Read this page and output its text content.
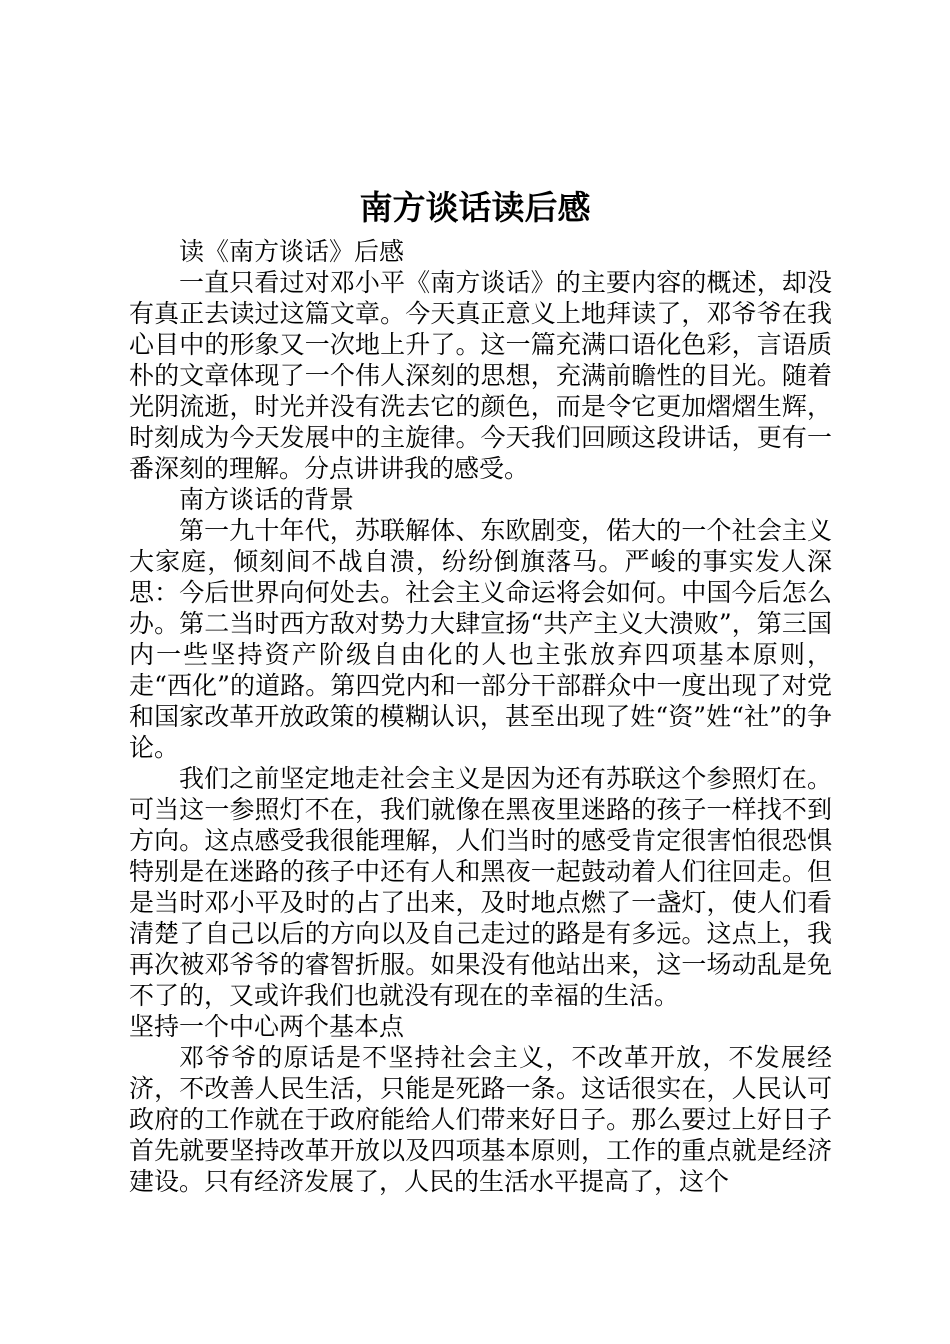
南方谈话读后感

读《南方谈话》后感

一直只看过对邓小平《南方谈话》的主要内容的概述，却没有真正去读过这篇文章。今天真正意义上地拜读了，邓爷爷在我心目中的形象又一次地上升了。这一篇充满口语化色彩，言语质朴的文章体现了一个伟人深刻的思想，充满前瞻性的目光。随着光阴流逝，时光并没有洗去它的颜色，而是令它更加熠熠生辉，时刻成为今天发展中的主旋律。今天我们回顾这段讲话，更有一番深刻的理解。分点讲讲我的感受。

南方谈话的背景

第一九十年代，苏联解体、东欧剧变，偌大的一个社会主义大家庭，倾刻间不战自溃，纷纷倒旗落马。严峻的事实发人深思：今后世界向何处去。社会主义命运将会如何。中国今后怎么办。第二当时西方敌对势力大肆宣扬“共产主义大溃败”，第三国内一些坚持资产阶级自由化的人也主张放弃四项基本原则，走“西化”的道路。第四党内和一部分干部群众中一度出现了对党和国家改革开放政策的模糊认识，甚至出现了姓“资”姓“社”的争论。

我们之前坚定地走社会主义是因为还有苏联这个参照灯在。可当这一参照灯不在，我们就像在黑夜里迷路的孩子一样找不到方向。这点感受我很能理解，人们当时的感受肯定很害怕很恐惧特别是在迷路的孩子中还有人和黑夜一起鼓动着人们往回走。但是当时邓小平及时的占了出来，及时地点燃了一盏灯，使人们看清楚了自己以后的方向以及自己走过的路是有多远。这点上，我再次被邓爷爷的睿智折服。如果没有他站出来，这一场动乱是免不了的，又或许我们也就没有现在的幸福的生活。

坚持一个中心两个基本点

邓爷爷的原话是不坚持社会主义，不改革开放，不发展经济，不改善人民生活，只能是死路一条。这话很实在，人民认可政府的工作就在于政府能给人们带来好日子。那么要过上好日子首先就要坚持改革开放以及四项基本原则，工作的重点就是经济建设。只有经济发展了，人民的生活水平提高了，这个
